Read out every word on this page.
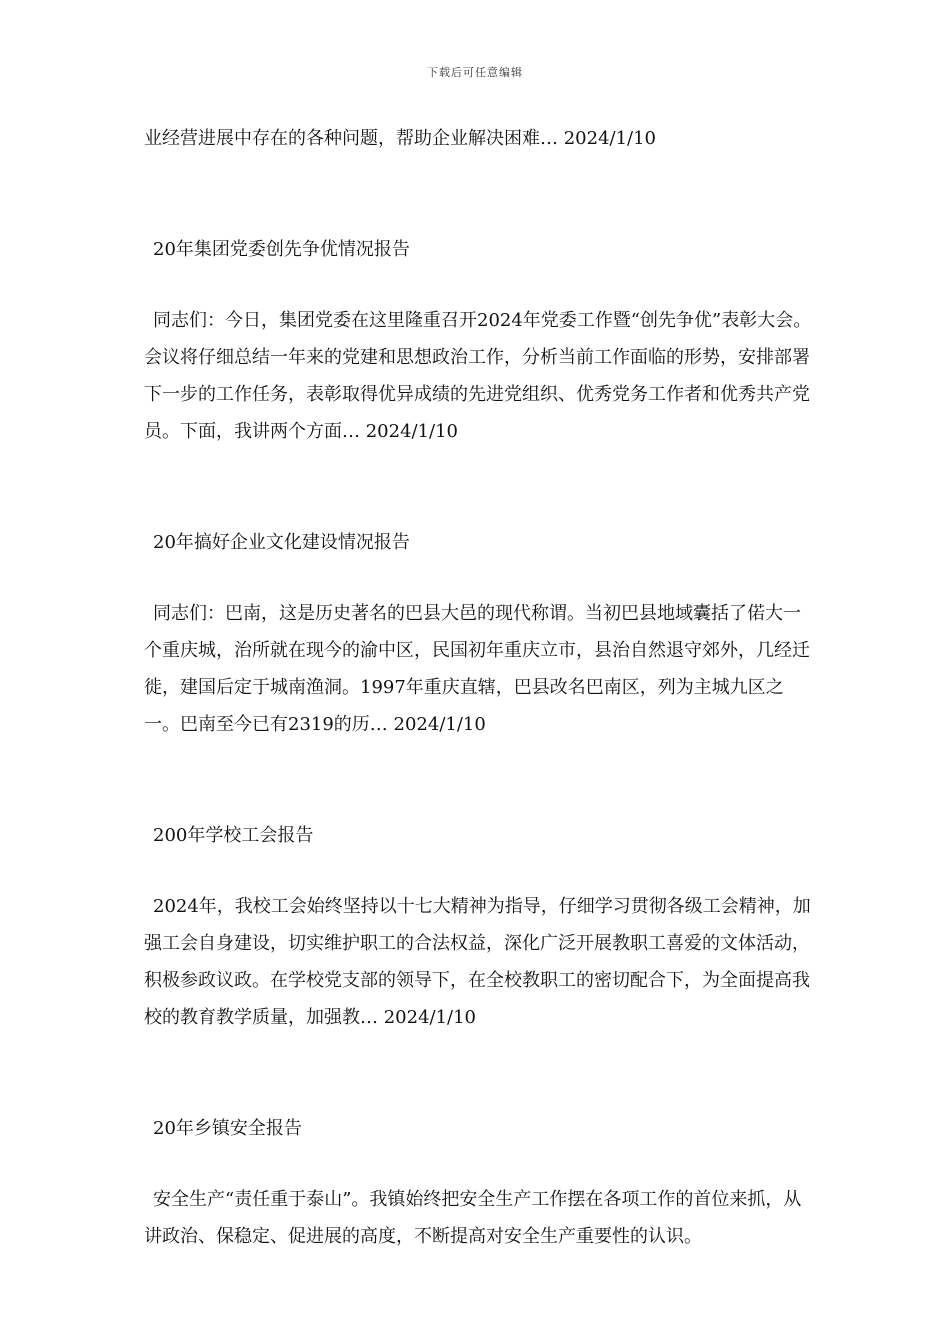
下载后可任意编辑

业经营进展中存在的各种问题，帮助企业解决困难… 2024/1/10

20年集团党委创先争优情况报告

同志们：今日，集团党委在这里隆重召开2024年党委工作暨“创先争优”表彰大会。会议将仔细总结一年来的党建和思想政治工作，分析当前工作面临的形势，安排部署下一步的工作任务，表彰取得优异成绩的先进党组织、优秀党务工作者和优秀共产党员。下面，我讲两个方面… 2024/1/10

20年搞好企业文化建设情况报告

同志们：巴南，这是历史著名的巴县大邑的现代称谓。当初巴县地域囊括了偌大一个重庆城，治所就在现今的渝中区，民国初年重庆立市，县治自然退守郊外，几经迁徙，建国后定于城南渔洞。1997年重庆直辖，巴县改名巴南区，列为主城九区之一。巴南至今已有2319的历… 2024/1/10

200年学校工会报告

2024年，我校工会始终坚持以十七大精神为指导，仔细学习贯彻各级工会精神，加强工会自身建设，切实维护职工的合法权益，深化广泛开展教职工喜爱的文体活动，积极参政议政。在学校党支部的领导下，在全校教职工的密切配合下，为全面提高我校的教育教学质量，加强教… 2024/1/10

20年乡镇安全报告

安全生产“责任重于泰山”。我镇始终把安全生产工作摆在各项工作的首位来抓，从讲政治、保稳定、促进展的高度，不断提高对安全生产重要性的认识。
